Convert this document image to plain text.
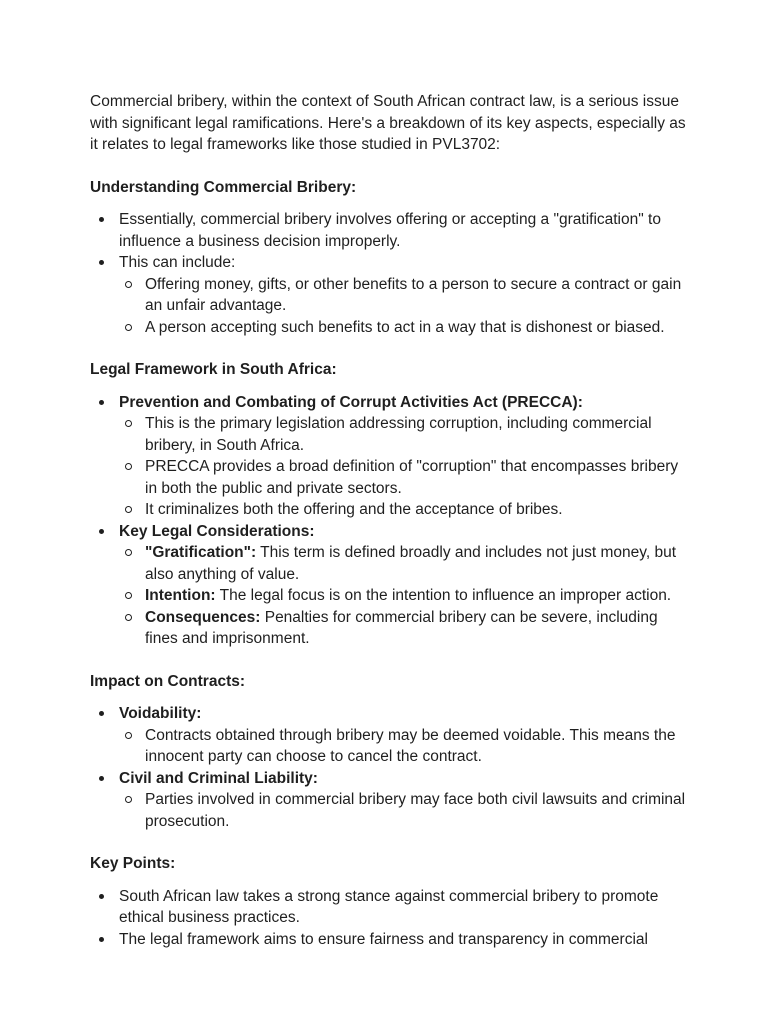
Commercial bribery, within the context of South African contract law, is a serious issue with significant legal ramifications. Here's a breakdown of its key aspects, especially as it relates to legal frameworks like those studied in PVL3702:

Understanding Commercial Bribery:
Essentially, commercial bribery involves offering or accepting a "gratification" to influence a business decision improperly.
This can include:
Offering money, gifts, or other benefits to a person to secure a contract or gain an unfair advantage.
A person accepting such benefits to act in a way that is dishonest or biased.
Legal Framework in South Africa:
Prevention and Combating of Corrupt Activities Act (PRECCA):
This is the primary legislation addressing corruption, including commercial bribery, in South Africa.
PRECCA provides a broad definition of "corruption" that encompasses bribery in both the public and private sectors.
It criminalizes both the offering and the acceptance of bribes.
Key Legal Considerations:
"Gratification": This term is defined broadly and includes not just money, but also anything of value.
Intention: The legal focus is on the intention to influence an improper action.
Consequences: Penalties for commercial bribery can be severe, including fines and imprisonment.
Impact on Contracts:
Voidability:
Contracts obtained through bribery may be deemed voidable. This means the innocent party can choose to cancel the contract.
Civil and Criminal Liability:
Parties involved in commercial bribery may face both civil lawsuits and criminal prosecution.
Key Points:
South African law takes a strong stance against commercial bribery to promote ethical business practices.
The legal framework aims to ensure fairness and transparency in commercial
